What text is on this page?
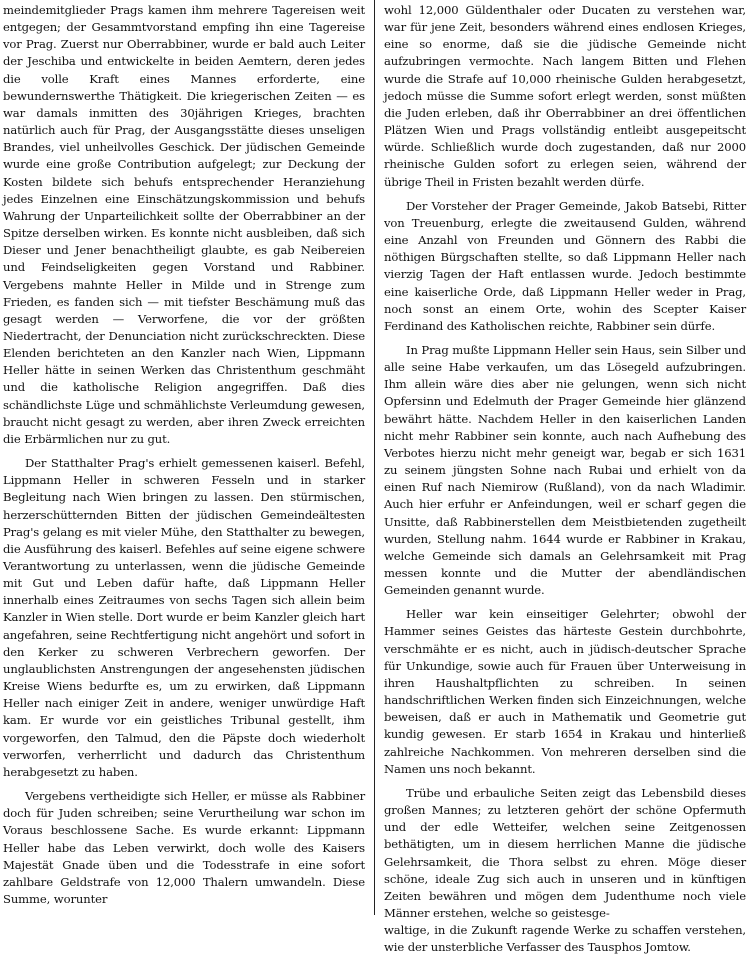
meindemitglieder Prags kamen ihm mehrere Tagereisen weit entgegen; der Gesammtvorstand empfing ihn eine Tagereise vor Prag. Zuerst nur Oberrabbiner, wurde er bald auch Leiter der Jeschiba und entwickelte in beiden Aemtern, deren jedes die volle Kraft eines Mannes erforderte, eine bewundernswerthe Thätigkeit. Die kriegerischen Zeiten — es war damals inmitten des 30jährigen Krieges, brachten natürlich auch für Prag, der Ausgangsstätte dieses unseligen Brandes, viel unheilvolles Geschick. Der jüdischen Gemeinde wurde eine große Contribution aufgelegt; zur Deckung der Kosten bildete sich behufs entsprechender Heranziehung jedes Einzelnen eine Einschätzungskommission und behufs Wahrung der Unparteilichkeit sollte der Oberrabbiner an der Spitze derselben wirken. Es konnte nicht ausbleiben, daß sich Dieser und Jener benachtheiligt glaubte, es gab Neibereien und Feindseligkeiten gegen Vorstand und Rabbiner. Vergebens mahnte Heller in Milde und in Strenge zum Frieden, es fanden sich — mit tiefster Beschämung muß das gesagt werden — Verworfene, die vor der größten Niedertracht, der Denunciation nicht zurückschreckten. Diese Elenden berichteten an den Kanzler nach Wien, Lippmann Heller hätte in seinen Werken das Christenthum geschmäht und die katholische Religion angegriffen. Daß dies schändlichste Lüge und schmählichste Verleumdung gewesen, braucht nicht gesagt zu werden, aber ihren Zweck erreichten die Erbärmlichen nur zu gut.

Der Statthalter Prag's erhielt gemessenen kaiserl. Befehl, Lippmann Heller in schweren Fesseln und in starker Begleitung nach Wien bringen zu lassen. Den stürmischen, herzerschütternden Bitten der jüdischen Gemeindeältesten Prag's gelang es mit vieler Mühe, den Statthalter zu bewegen, die Ausführung des kaiserl. Befehles auf seine eigene schwere Verantwortung zu unterlassen, wenn die jüdische Gemeinde mit Gut und Leben dafür hafte, daß Lippmann Heller innerhalb eines Zeitraumes von sechs Tagen sich allein beim Kanzler in Wien stelle. Dort wurde er beim Kanzler gleich hart angefahren, seine Rechtfertigung nicht angehört und sofort in den Kerker zu schweren Verbrechern geworfen. Der unglaublichsten Anstrengungen der angesehensten jüdischen Kreise Wiens bedurfte es, um zu erwirken, daß Lippmann Heller nach einiger Zeit in andere, weniger unwürdige Haft kam. Er wurde vor ein geistliches Tribunal gestellt, ihm vorgeworfen, den Talmud, den die Päpste doch wiederholt verworfen, verherrlicht und dadurch das Christenthum herabgesetzt zu haben.

Vergebens vertheidigte sich Heller, er müsse als Rabbiner doch für Juden schreiben; seine Verurtheilung war schon im Voraus beschlossene Sache. Es wurde erkannt: Lippmann Heller habe das Leben verwirkt, doch wolle des Kaisers Majestät Gnade üben und die Todesstrafe in eine sofort zahlbare Geldstrafe von 12,000 Thalern umwandeln. Diese Summe, worunter

wohl 12,000 Güldenthaler oder Ducaten zu verstehen war, war für jene Zeit, besonders während eines endlosen Krieges, eine so enorme, daß sie die jüdische Gemeinde nicht aufzubringen vermochte. Nach langem Bitten und Flehen wurde die Strafe auf 10,000 rheinische Gulden herabgesetzt, jedoch müsse die Summe sofort erlegt werden, sonst müßten die Juden erleben, daß ihr Oberrabbiner an drei öffentlichen Plätzen Wien und Prags vollständig entleibt ausgepeitscht würde. Schließlich wurde doch zugestanden, daß nur 2000 rheinische Gulden sofort zu erlegen seien, während der übrige Theil in Fristen bezahlt werden dürfe.

Der Vorsteher der Prager Gemeinde, Jakob Batsebi, Ritter von Treuenburg, erlegte die zweitausend Gulden, während eine Anzahl von Freunden und Gönnern des Rabbi die nöthigen Bürgschaften stellte, so daß Lippmann Heller nach vierzig Tagen der Haft entlassen wurde. Jedoch bestimmte eine kaiserliche Orde, daß Lippmann Heller weder in Prag, noch sonst an einem Orte, wohin des Scepter Kaiser Ferdinand des Katholischen reichte, Rabbiner sein dürfe.

In Prag mußte Lippmann Heller sein Haus, sein Silber und alle seine Habe verkaufen, um das Lösegeld aufzubringen. Ihm allein wäre dies aber nie gelungen, wenn sich nicht Opfersinn und Edelmuth der Prager Gemeinde hier glänzend bewährt hätte. Nachdem Heller in den kaiserlichen Landen nicht mehr Rabbiner sein konnte, auch nach Aufhebung des Verbotes hierzu nicht mehr geneigt war, begab er sich 1631 zu seinem jüngsten Sohne nach Rubai und erhielt von da einen Ruf nach Niemirow (Rußland), von da nach Wladimir. Auch hier erfuhr er Anfeindungen, weil er scharf gegen die Unsitte, daß Rabbinerstellen dem Meistbietenden zugetheilt wurden, Stellung nahm. 1644 wurde er Rabbiner in Krakau, welche Gemeinde sich damals an Gelehrsamkeit mit Prag messen konnte und die Mutter der abendländischen Gemeinden genannt wurde.

Heller war kein einseitiger Gelehrter; obwohl der Hammer seines Geistes das härteste Gestein durchbohrte, verschmähte er es nicht, auch in jüdisch-deutscher Sprache für Unkundige, sowie auch für Frauen über Unterweisung in ihren Haushaltpflichten zu schreiben. In seinen handschriftlichen Werken finden sich Einzeichnungen, welche beweisen, daß er auch in Mathematik und Geometrie gut kundig gewesen. Er starb 1654 in Krakau und hinterließ zahlreiche Nachkommen. Von mehreren derselben sind die Namen uns noch bekannt.

Trübe und erbauliche Seiten zeigt das Lebensbild dieses großen Mannes; zu letzteren gehört der schöne Opfermuth und der edle Wetteifer, welchen seine Zeitgenossen bethätigten, um in diesem herrlichen Manne die jüdische Gelehrsamkeit, die Thora selbst zu ehren. Möge dieser schöne, ideale Zug sich auch in unseren und in künftigen Zeiten bewähren und mögen dem Judenthume noch viele Männer erstehen, welche so geistesge-

waltige, in die Zukunft ragende Werke zu schaffen verstehen, wie der unsterbliche Verfasser des Tausphos Jomtow.
